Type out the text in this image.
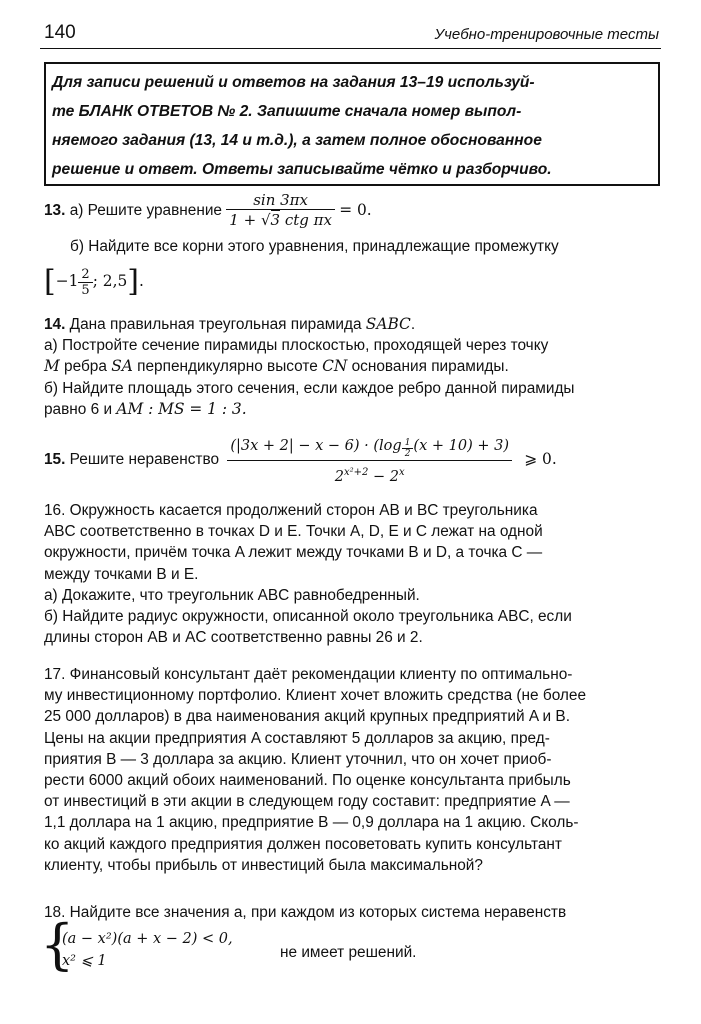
140	Учебно-тренировочные тесты
Для записи решений и ответов на задания 13–19 используй-
те БЛАНК ОТВЕТОВ № 2. Запишите сначала номер выпол-
няемого задания (13, 14 и т.д.), а затем полное обоснованное
решение и ответ. Ответы записывайте чётко и разборчиво.
13. а) Решите уравнение $\frac{\sin 3\pi x}{\text{1 + √3 ctg πx}} = 0$.
б) Найдите все корни этого уравнения, принадлежащие промежутку
[$-1 \frac{2}{5}$ ; 2,5].
14. Дана правильная треугольная пирамида SABC.
а) Постройте сечение пирамиды плоскостью, проходящей через точку
M ребра SA перпендикулярно высоте CN основания пирамиды.
б) Найдите площадь этого сечения, если каждое ребро данной пирамиды
равно 6 и AM : MS = 1 : 3.
15. Решите неравенство $\frac{(|3x + 2| - x - 6) \cdot (\log \frac{1}{2} (x + 10) + 3)}{2^{x^2+2} - 2^x}$ ⩾ 0.
16. Окружность касается продолжений сторон AB и BC треугольника
ABC соответственно в точках D и E. Точки A, D, E и C лежат на одной
окружности, причём точка A лежит между точками B и D, а точка C —
между точками B и E.
а) Докажите, что треугольник ABC равнобедренный.
б) Найдите радиус окружности, описанной около треугольника ABC, если
длины сторон AB и AC соответственно равны 26 и 2.
17. Финансовый консультант даёт рекомендации клиенту по оптимально-
му инвестиционному портфолио. Клиент хочет вложить средства (не более
25 000 долларов) в два наименования акций крупных предприятий A и B.
Цены на акции предприятия A составляют 5 долларов за акцию, пред-
приятия B — 3 доллара за акцию. Клиент уточнил, что он хочет приоб-
рести 6000 акций обоих наименований. По оценке консультанта прибыль
от инвестиций в эти акции в следующем году составит: предприятие A —
1,1 доллара на 1 акцию, предприятие B — 0,9 доллара на 1 акцию. Сколь-
ко акций каждого предприятия должен посоветовать купить консультант
клиенту, чтобы прибыль от инвестиций была максимальной?
18. Найдите все значения a, при каждом из которых система неравенств
{
(a − x²)(a + x − 2) < 0,
x² ⩽ 1	не имеет решений.
